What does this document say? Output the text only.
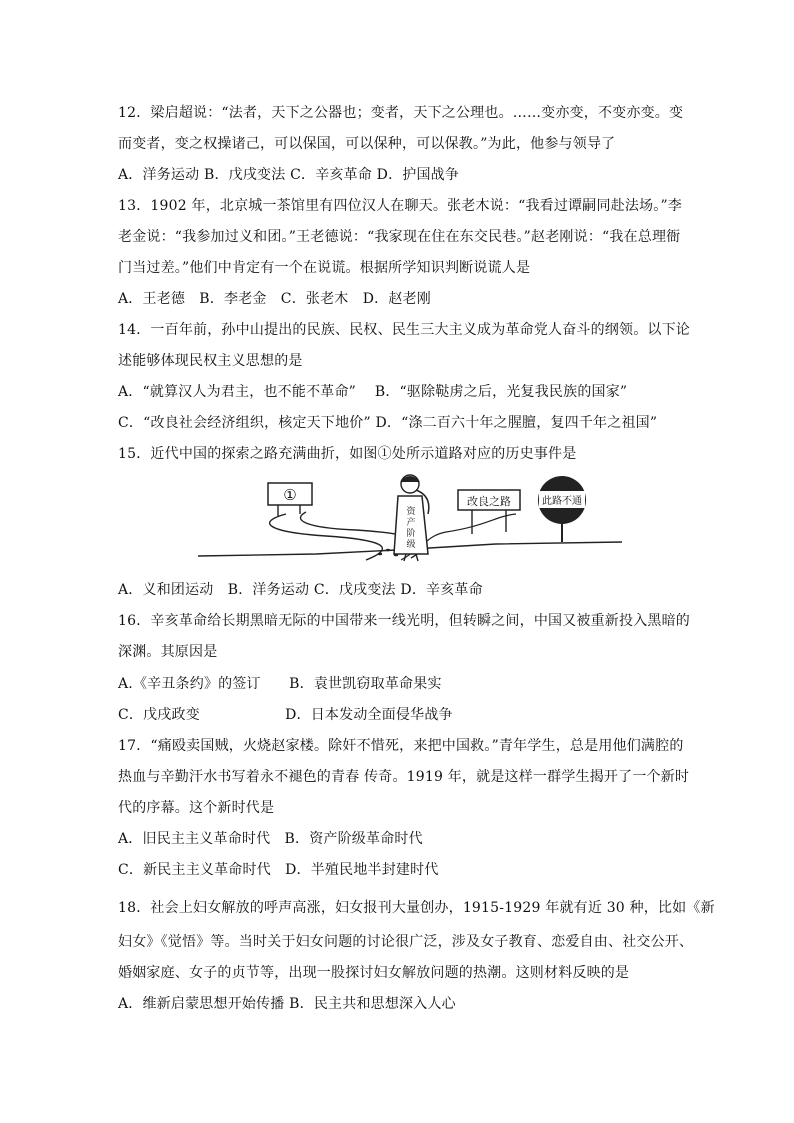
12．梁启超说：“法者，天下之公器也；变者，天下之公理也。……变亦变，不变亦变。变
而变者，变之权操诸己，可以保国，可以保种，可以保教。”为此，他参与领导了
A．洋务运动 B．戊戌变法 C．辛亥革命 D．护国战争
13．1902 年，北京城一茶馆里有四位汉人在聊天。张老木说：“我看过谭嗣同赴法场。”李
老金说：“我参加过义和团。”王老德说：“我家现在住在东交民巷。”赵老刚说：“我在总理衙
门当过差。”他们中肯定有一个在说谎。根据所学知识判断说谎人是
A．王老德　B．李老金　C．张老木　D．赵老刚
14．一百年前，孙中山提出的民族、民权、民生三大主义成为革命党人奋斗的纲领。以下论
述能够体现民权主义思想的是
A．“就算汉人为君主，也不能不革命”　 B．“驱除鞑虏之后，光复我民族的国家”
C．“改良社会经济组织，核定天下地价” D．“涤二百六十年之腥膻，复四千年之祖国”
15．近代中国的探索之路充满曲折，如图①处所示道路对应的历史事件是
①
资
产
阶
级
改良之路	此路不通
A．义和团运动　B．洋务运动 C．戊戌变法 D．辛亥革命
16．辛亥革命给长期黑暗无际的中国带来一线光明，但转瞬之间，中国又被重新投入黑暗的
深渊。其原因是
A.《辛丑条约》的签订　　B．袁世凯窃取革命果实
C．戊戌政变　　　　　　D．日本发动全面侵华战争
17．“痛殴卖国贼，火烧赵家楼。除奸不惜死，来把中国救。”青年学生，总是用他们满腔的
热血与辛勤汗水书写着永不褪色的青春 传奇。1919 年，就是这样一群学生揭开了一个新时
代的序幕。这个新时代是
A．旧民主主义革命时代　B．资产阶级革命时代
C．新民主主义革命时代　D．半殖民地半封建时代
18．社会上妇女解放的呼声高涨，妇女报刊大量创办，1915-1929 年就有近 30 种，比如《新
妇女》《觉悟》等。当时关于妇女问题的讨论很广泛，涉及女子教育、恋爱自由、社交公开、
婚姻家庭、女子的贞节等，出现一股探讨妇女解放问题的热潮。这则材料反映的是
A．维新启蒙思想开始传播 B．民主共和思想深入人心
